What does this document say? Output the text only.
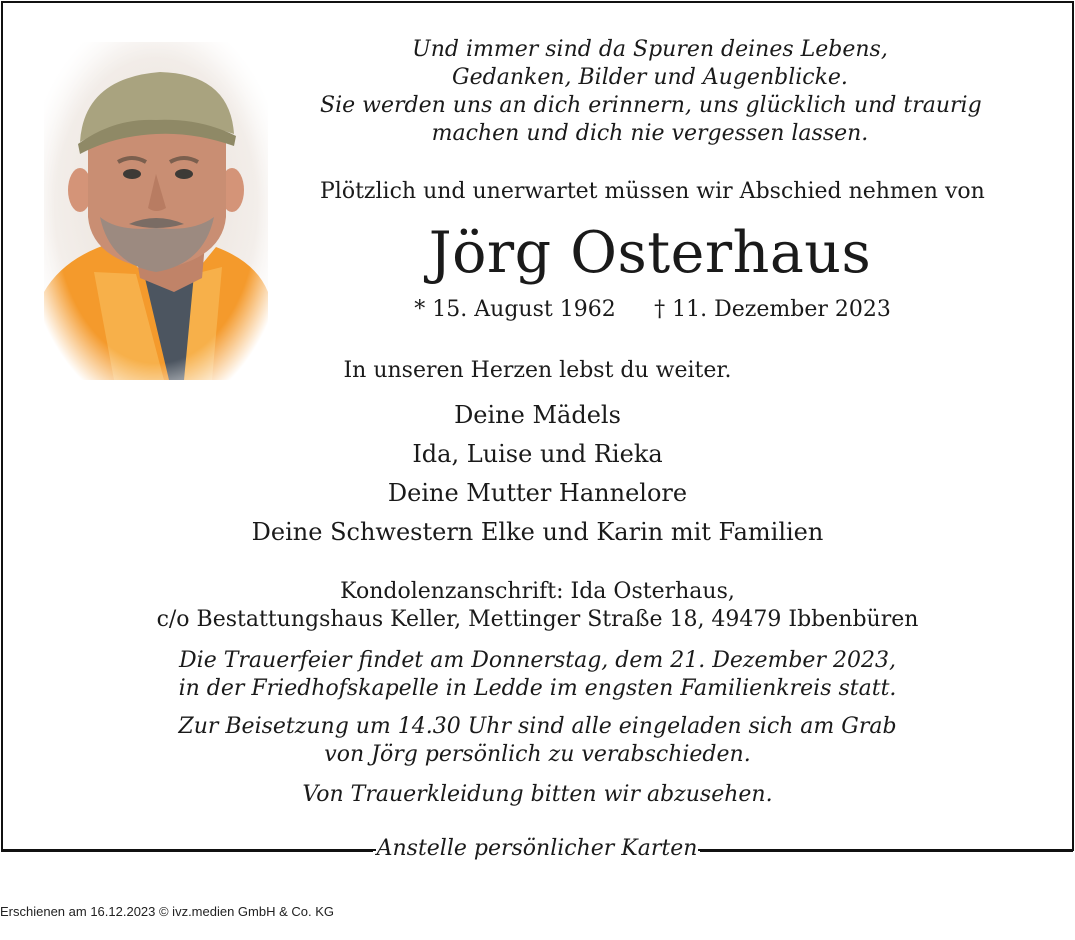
Und immer sind da Spuren deines Lebens,
Gedanken, Bilder und Augenblicke.
Sie werden uns an dich erinnern, uns glücklich und traurig
machen und dich nie vergessen lassen.
Plötzlich und unerwartet müssen wir Abschied nehmen von
Jörg Osterhaus
* 15. August 1962	† 11. Dezember 2023
In unseren Herzen lebst du weiter.
Deine Mädels
Ida, Luise und Rieka
Deine Mutter Hannelore
Deine Schwestern Elke und Karin mit Familien
Kondolenzanschrift: Ida Osterhaus,
c/o Bestattungshaus Keller, Mettinger Straße 18, 49479 Ibbenbüren
Die Trauerfeier findet am Donnerstag, dem 21. Dezember 2023,
in der Friedhofskapelle in Ledde im engsten Familienkreis statt.
Zur Beisetzung um 14.30 Uhr sind alle eingeladen sich am Grab
von Jörg persönlich zu verabschieden.
Von Trauerkleidung bitten wir abzusehen.
Anstelle persönlicher Karten
Erschienen am 16.12.2023 © ivz.medien GmbH & Co. KG
